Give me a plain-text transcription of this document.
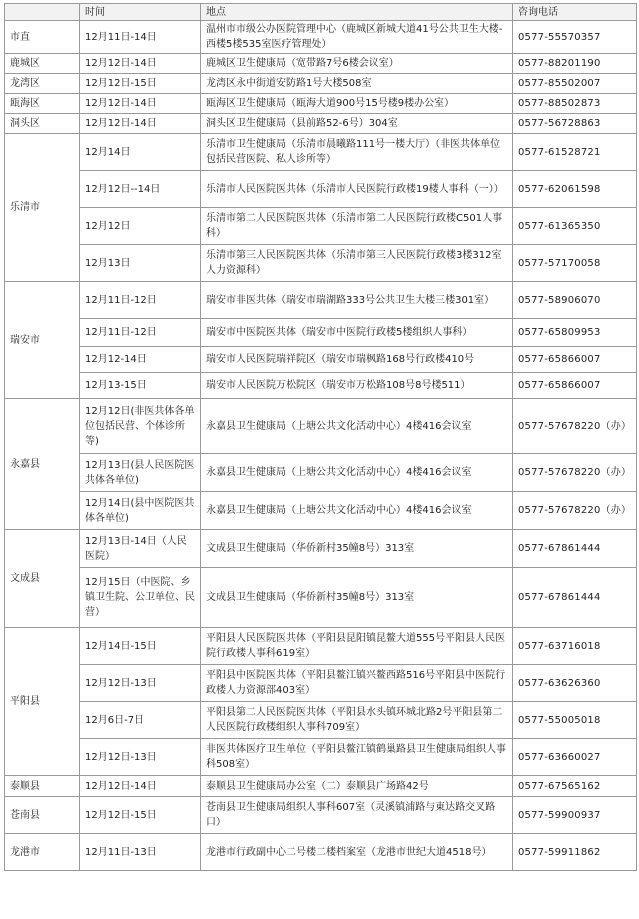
	时间	地点	咨询电话
市直	12月11日-14日	温州市市级公办医院管理中心（鹿城区新城大道41号公共卫生大楼-西楼5楼535室医疗管理处）	0577-55570357
鹿城区	12月12日-14日	鹿城区卫生健康局（宽带路7号6楼会议室）	0577-88201190
龙湾区	12月12日-15日	龙湾区永中街道安防路1号大楼508室	0577-85502007
瓯海区	12月12日-14日	瓯海区卫生健康局（瓯海大道900号15号楼9楼办公室）	0577-88502873
洞头区	12月12日-14日	洞头区卫生健康局（县前路52-6号）304室	0577-56728863
乐清市	12月14日	乐清市卫生健康局（乐清市晨曦路111号一楼大厅）（非医共体单位包括民营医院、私人诊所等）	0577-61528721
	12月12日--14日	乐清市人民医院医共体（乐清市人民医院行政楼19楼人事科（一））	0577-62061598
	12月12日	乐清市第二人民医院医共体（乐清市第二人民医院行政楼C501人事科）	0577-61365350
	12月13日	乐清市第三人民医院医共体（乐清市第三人民医院行政楼3楼312室人力资源科）	0577-57170058
瑞安市	12月11日-12日	瑞安市非医共体（瑞安市瑞湖路333号公共卫生大楼三楼301室）	0577-58906070
	12月11日-12日	瑞安市中医院医共体（瑞安市中医院行政楼5楼组织人事科）	0577-65809953
	12月12-14日	瑞安市人民医院瑞祥院区（瑞安市瑞枫路168号行政楼410号	0577-65866007
	12月13-15日	瑞安市人民医院万松院区（瑞安市万松路108号8号楼511）	0577-65866007
永嘉县	12月12日(非医共体各单位包括民营、个体诊所等)	永嘉县卫生健康局（上塘公共文化活动中心）4楼416会议室	0577-57678220（办）
	12月13日(县人民医院医共体各单位)	永嘉县卫生健康局（上塘公共文化活动中心）4楼416会议室	0577-57678220（办）
	12月14日(县中医院医共体各单位)	永嘉县卫生健康局（上塘公共文化活动中心）4楼416会议室	0577-57678220（办）
文成县	12月13日-14日（人民医院）	文成县卫生健康局（华侨新村35幢8号）313室	0577-67861444
	12月15日（中医院、乡镇卫生院、公卫单位、民营）	文成县卫生健康局（华侨新村35幢8号）313室	0577-67861444
平阳县	12月14日-15日	平阳县人民医院医共体（平阳县昆阳镇昆鳌大道555号平阳县人民医院行政楼人事科619室）	0577-63716018
	12月12日-13日	平阳县中医院医共体（平阳县鳌江镇兴鳌西路516号平阳县中医院行政楼人力资源部403室）	0577-63626360
	12月6日-7日	平阳县第二人民医院医共体（平阳县水头镇环城北路2号平阳县第二人民医院行政楼组织人事科709室）	0577-55005018
	12月12日-13日	非医共体医疗卫生单位（平阳县鳌江镇鹤巢路县卫生健康局组织人事科508室）	0577-63660027
泰顺县	12月12日-14日	泰顺县卫生健康局办公室（二）泰顺县广场路42号	0577-67565162
苍南县	12月12日-15日	苍南县卫生健康局组织人事科607室（灵溪镇浦路与東达路交叉路口）	0577-59900937
龙港市	12月11日-13日	龙港市行政副中心二号楼二楼档案室（龙港市世纪大道4518号）	0577-59911862
